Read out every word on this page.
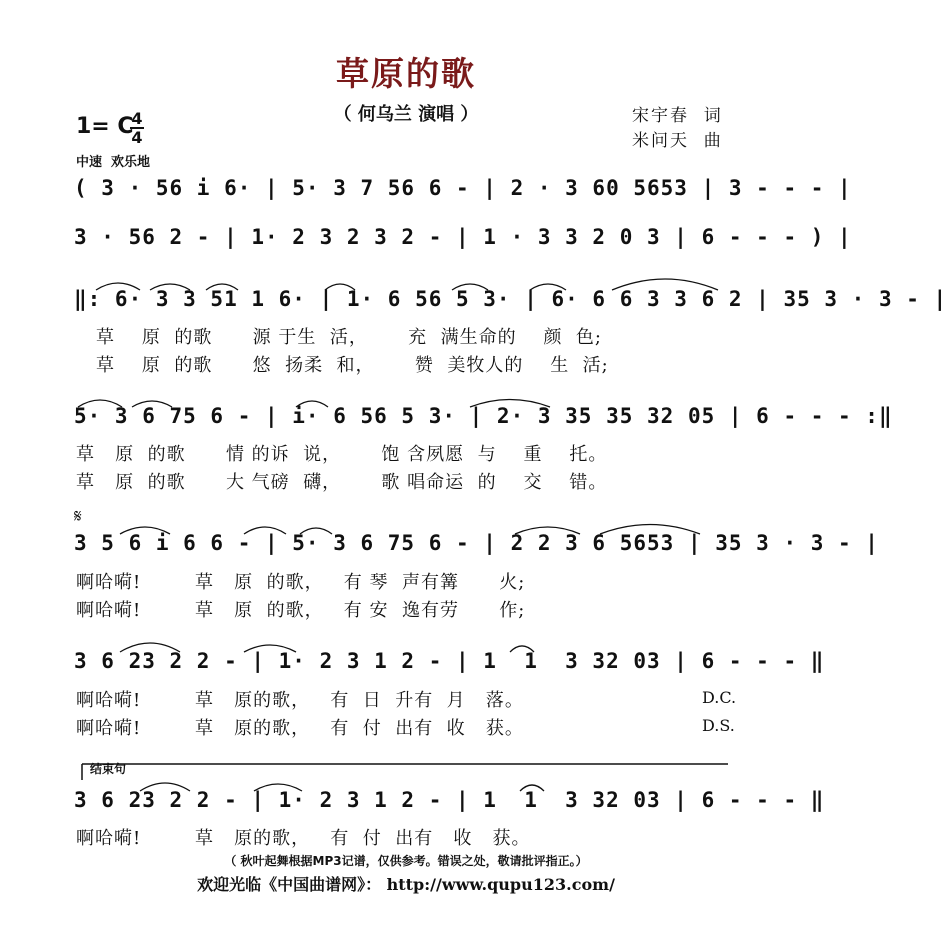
草原的歌
（ 何乌兰 演唱 ）	宋宇春  词
米问天  曲
1= C
4
4
中速  欢乐地
( 3 · 56 i 6· | 5· 3 7 56 6 - | 2 · 3 60 5653 | 3 - - - |
3 · 56 2 - | 1· 2 3 2 3 2 - | 1 · 3 3 2 0 3 | 6 - - - ) |
‖: 6· 3 3 51 1 6· | 1· 6 56 5 3· | 6· 6 6 3 3 6 2 | 35 3 · 3 - |
草    原  的歌      源 于生  活，      充  满生命的    颜  色;
草    原  的歌      悠  扬柔  和，      赞  美牧人的    生  活;
5· 3 6 75 6 - | i· 6 56 5 3· | 2· 3 35 35 32 05 | 6 - - - :‖
草   原  的歌      情 的诉  说，      饱 含夙愿  与    重    托。
草   原  的歌      大 气磅  礴，      歌 唱命运  的    交    错。
𝄋
3 5 6 i 6 6 - | 5· 3 6 75 6 - | 2 2 3 6 5653 | 35 3 · 3 - |
啊哈嗬!        草   原  的歌，   有 琴  声有篝      火;
啊哈嗬!        草   原  的歌，   有 安  逸有劳      作;
3 6 23 2 2 - | 1· 2 3 1 2 - | 1  1  3 32 03 | 6 - - - ‖
啊哈嗬!        草   原的歌，   有  日  升有  月   落。	D.C.
啊哈嗬!        草   原的歌，   有  付  出有  收   获。	D.S.
结束句
3 6 23 2 2 - | 1· 2 3 1 2 - | 1  1  3 32 03 | 6 - - - ‖
啊哈嗬!        草   原的歌，   有  付  出有   收   获。
（ 秋叶起舞根据MP3记谱，仅供参考。错误之处，敬请批评指正。）
欢迎光临《中国曲谱网》： http://www.qupu123.com/
